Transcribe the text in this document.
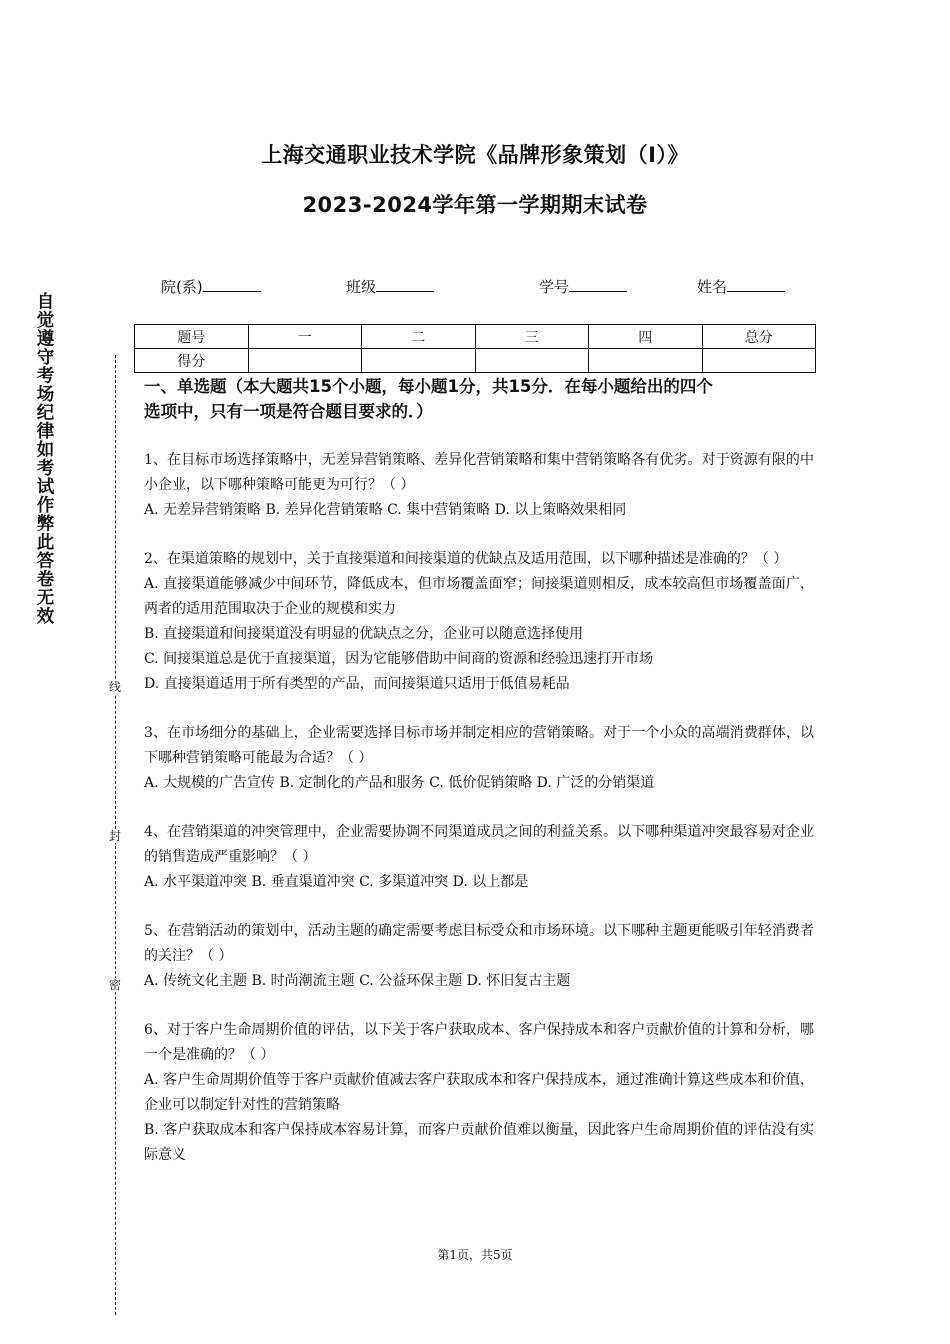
上海交通职业技术学院《品牌形象策划（Ⅰ）》
2023-2024学年第一学期期末试卷
院(系)	班级	学号	姓名
题号	一	二	三	四	总分
得分					
自觉遵守考场纪律如考试作弊此答卷无效
线
封
密
一、单选题（本大题共15个小题，每小题1分，共15分．在每小题给出的四个
选项中，只有一项是符合题目要求的．）
1、在目标市场选择策略中，无差异营销策略、差异化营销策略和集中营销策略各有优劣。对于资源有限的中小企业，以下哪种策略可能更为可行？（ ）
A. 无差异营销策略 B. 差异化营销策略 C. 集中营销策略 D. 以上策略效果相同
2、在渠道策略的规划中，关于直接渠道和间接渠道的优缺点及适用范围，以下哪种描述是准确的？（ ）
A. 直接渠道能够减少中间环节，降低成本，但市场覆盖面窄；间接渠道则相反，成本较高但市场覆盖面广，两者的适用范围取决于企业的规模和实力
B. 直接渠道和间接渠道没有明显的优缺点之分，企业可以随意选择使用
C. 间接渠道总是优于直接渠道，因为它能够借助中间商的资源和经验迅速打开市场
D. 直接渠道适用于所有类型的产品，而间接渠道只适用于低值易耗品
3、在市场细分的基础上，企业需要选择目标市场并制定相应的营销策略。对于一个小众的高端消费群体，以下哪种营销策略可能最为合适？（ ）
A. 大规模的广告宣传 B. 定制化的产品和服务 C. 低价促销策略 D. 广泛的分销渠道
4、在营销渠道的冲突管理中，企业需要协调不同渠道成员之间的利益关系。以下哪种渠道冲突最容易对企业的销售造成严重影响？（ ）
A. 水平渠道冲突 B. 垂直渠道冲突 C. 多渠道冲突 D. 以上都是
5、在营销活动的策划中，活动主题的确定需要考虑目标受众和市场环境。以下哪种主题更能吸引年轻消费者的关注？（ ）
A. 传统文化主题 B. 时尚潮流主题 C. 公益环保主题 D. 怀旧复古主题
6、对于客户生命周期价值的评估，以下关于客户获取成本、客户保持成本和客户贡献价值的计算和分析，哪一个是准确的？（ ）
A. 客户生命周期价值等于客户贡献价值减去客户获取成本和客户保持成本，通过准确计算这些成本和价值，企业可以制定针对性的营销策略
B. 客户获取成本和客户保持成本容易计算，而客户贡献价值难以衡量，因此客户生命周期价值的评估没有实际意义
第1页，共5页
